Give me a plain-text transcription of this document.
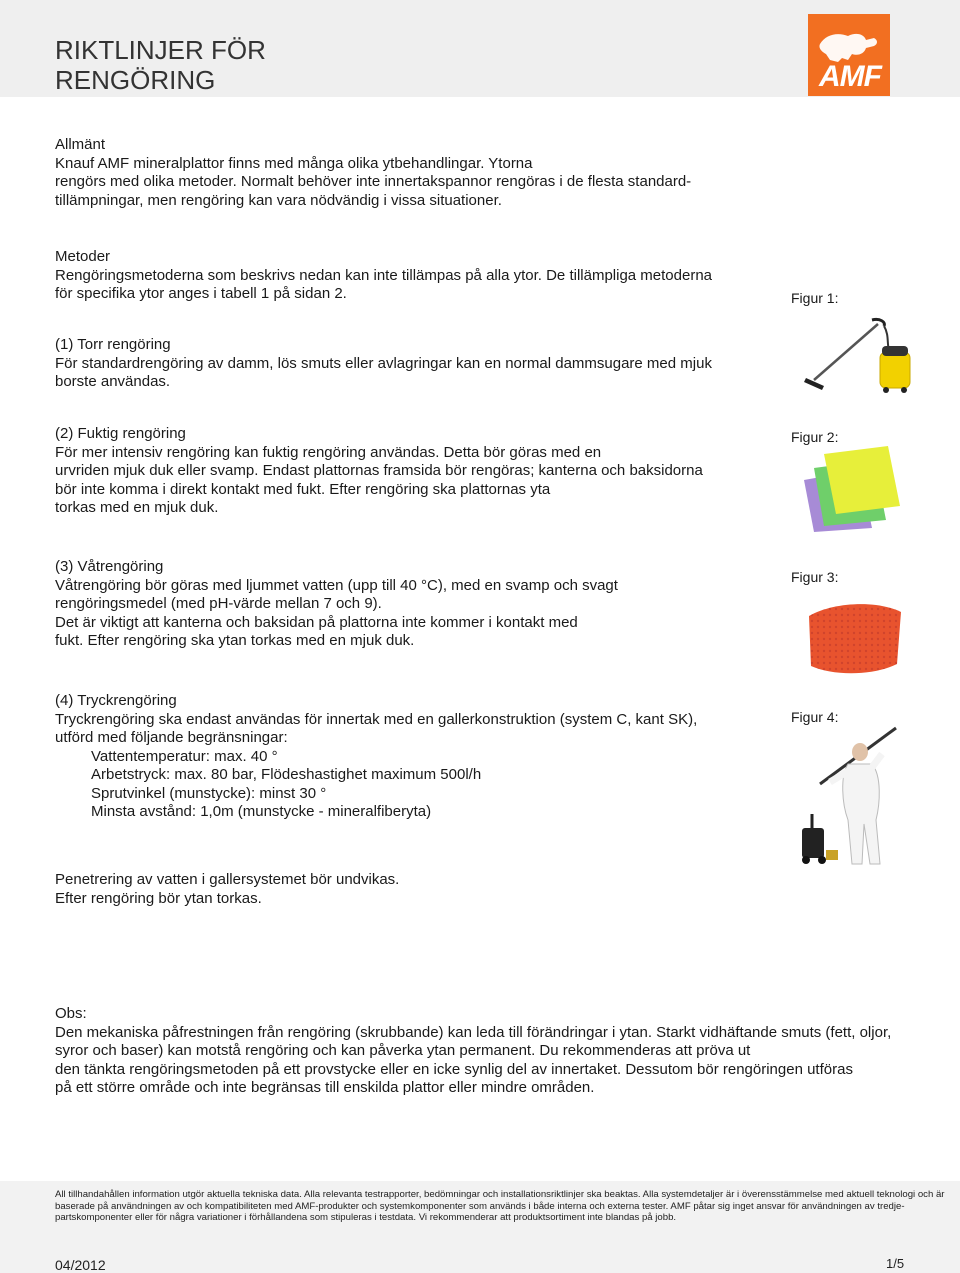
RIKTLINJER FÖR
RENGÖRING	AMF

Allmänt

Knauf AMF mineralplattor finns med många olika ytbehandlingar. Ytorna

rengörs med olika metoder. Normalt behöver inte innertakspannor rengöras i de flesta standard-

tillämpningar, men rengöring kan vara nödvändig i vissa situationer.

Metoder

Rengöringsmetoderna som beskrivs nedan kan inte tillämpas på alla ytor. De tillämpliga metoderna

för specifika ytor anges i tabell 1 på sidan 2.	Figur 1:

(1) Torr rengöring

För standardrengöring av damm, lös smuts eller avlagringar kan en normal dammsugare med mjuk

borste användas.

(2) Fuktig rengöring

För mer intensiv rengöring kan fuktig rengöring användas. Detta bör göras med en

urvriden mjuk duk eller svamp. Endast plattornas framsida bör rengöras; kanterna och baksidorna

bör inte komma i direkt kontakt med fukt. Efter rengöring ska plattornas yta

torkas med en mjuk duk.

Figur 2:

(3) Våtrengöring

Våtrengöring bör göras med ljummet vatten (upp till 40 °C), med en svamp och svagt

rengöringsmedel (med pH-värde mellan 7 och 9).

Det är viktigt att kanterna och baksidan på plattorna inte kommer i kontakt med

fukt. Efter rengöring ska ytan torkas med en mjuk duk.

Figur 3:

(4) Tryckrengöring

Tryckrengöring ska endast användas för innertak med en gallerkonstruktion (system C, kant SK),

utförd med följande begränsningar:

Vattentemperatur: max. 40 °

Arbetstryck: max. 80 bar, Flödeshastighet maximum 500l/h

Sprutvinkel (munstycke): minst 30 °

Minsta avstånd: 1,0m (munstycke - mineralfiberyta)

Figur 4:

Penetrering av vatten i gallersystemet bör undvikas.

Efter rengöring bör ytan torkas.

Obs:

Den mekaniska påfrestningen från rengöring (skrubbande) kan leda till förändringar i ytan. Starkt vidhäftande smuts (fett, oljor,

syror och baser) kan motstå rengöring och kan påverka ytan permanent. Du rekommenderas att pröva ut

den tänkta rengöringsmetoden på ett provstycke eller en icke synlig del av innertaket. Dessutom bör rengöringen utföras

på ett större område och inte begränsas till enskilda plattor eller mindre områden.

All tillhandahållen information utgör aktuella tekniska data. Alla relevanta testrapporter, bedömningar och installationsriktlinjer ska beaktas. Alla systemdetaljer är i överensstämmelse med aktuell teknologi och är baserade på användningen av och kompatibiliteten med AMF-produkter och systemkomponenter som används i både interna och externa tester. AMF påtar sig inget ansvar för användningen av tredje-partskomponenter eller för några variationer i förhållandena som stipuleras i testdata. Vi rekommenderar att produktsortiment inte blandas på jobb.
04/2012	1/5
